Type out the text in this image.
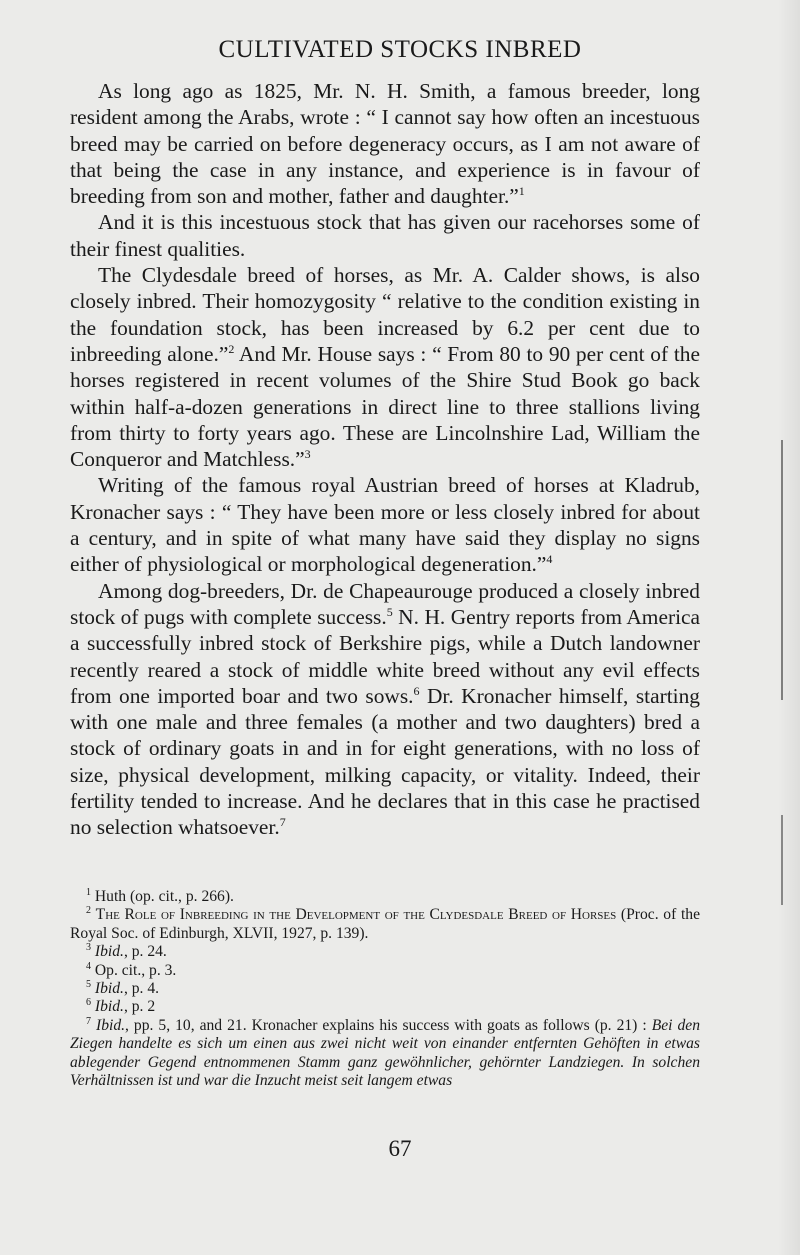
CULTIVATED STOCKS INBRED

As long ago as 1825, Mr. N. H. Smith, a famous breeder, long resident among the Arabs, wrote : “ I cannot say how often an incestuous breed may be carried on before degeneracy occurs, as I am not aware of that being the case in any instance, and experience is in favour of breeding from son and mother, father and daughter.”$^1$

And it is this incestuous stock that has given our racehorses some of their finest qualities.

The Clydesdale breed of horses, as Mr. A. Calder shows, is also closely inbred. Their homozygosity “ relative to the condition existing in the foundation stock, has been increased by 6.2 per cent due to inbreeding alone.”$^2$ And Mr. House says : “ From 80 to 90 per cent of the horses registered in recent volumes of the Shire Stud Book go back within half-a-dozen generations in direct line to three stallions living from thirty to forty years ago. These are Lincolnshire Lad, William the Conqueror and Matchless.”$^3$

Writing of the famous royal Austrian breed of horses at Kladrub, Kronacher says : “ They have been more or less closely inbred for about a century, and in spite of what many have said they display no signs either of physiological or morphological degeneration.”$^4$

Among dog-breeders, Dr. de Chapeaurouge produced a closely inbred stock of pugs with complete success.$^5$ N. H. Gentry reports from America a successfully inbred stock of Berkshire pigs, while a Dutch landowner recently reared a stock of middle white breed without any evil effects from one imported boar and two sows.$^6$ Dr. Kronacher himself, starting with one male and three females (a mother and two daughters) bred a stock of ordinary goats in and in for eight generations, with no loss of size, physical development, milking capacity, or vitality. Indeed, their fertility tended to increase. And he declares that in this case he practised no selection whatsoever.$^7$

$^1$ Huth (op. cit., p. 266).

$^2$ The Role of Inbreeding in the Development of the Clydesdale Breed of Horses (Proc. of the Royal Soc. of Edinburgh, XLVII, 1927, p. 139).

$^3$ Ibid., p. 24.

$^4$ Op. cit., p. 3.

$^5$ Ibid., p. 4.

$^6$ Ibid., p. 2

$^7$ Ibid., pp. 5, 10, and 21. Kronacher explains his success with goats as follows (p. 21) : Bei den Ziegen handelte es sich um einen aus zwei nicht weit von einander entfernten Gehöften in etwas ablegender Gegend entnommenen Stamm ganz gewöhnlicher, gehörnter Landziegen. In solchen Verhältnissen ist und war die Inzucht meist seit langem etwas

67
